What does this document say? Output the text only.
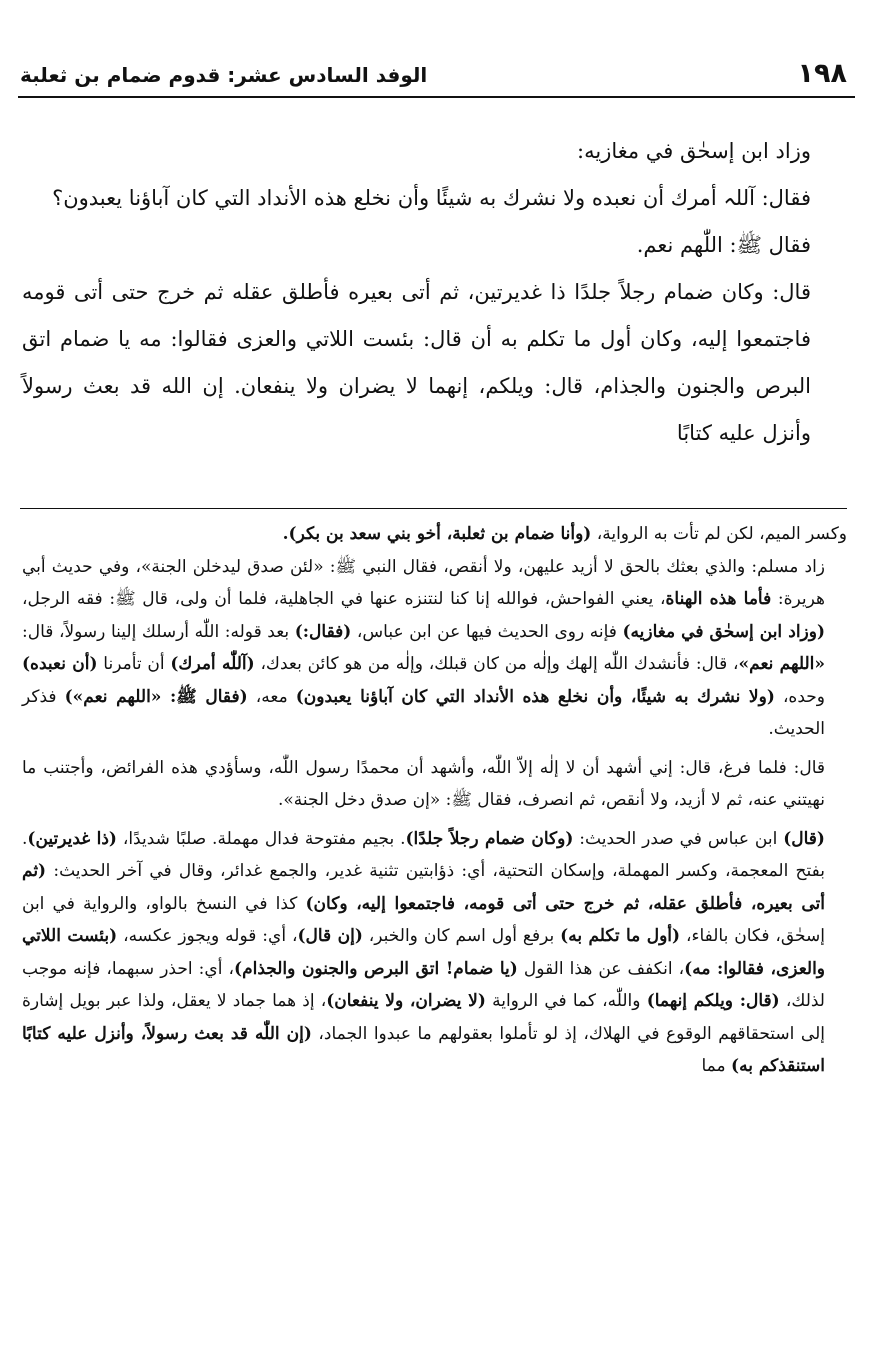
١٩٨
الوفد السادس عشر: قدوم ضمام بن ثعلبة

وزاد ابن إسحٰق في مغازيه:

فقال: آللہ أمرك أن نعبده ولا نشرك به شيئًا وأن نخلع هذه الأنداد التي كان آباؤنا يعبدون؟

فقال ﷺ: اللّٰهم نعم.

قال: وكان ضمام رجلاً جلدًا ذا غديرتين، ثم أتى بعيره فأطلق عقله ثم خرج حتى أتى قومه فاجتمعوا إليه، وكان أول ما تكلم به أن قال: بئست اللاتي والعزى فقالوا: مه يا ضمام اتق البرص والجنون والجذام، قال: ويلكم، إنهما لا يضران ولا ينفعان. إن الله قد بعث رسولاً وأنزل عليه كتابًا

وكسر الميم، لكن لم تأت به الرواية، (وأنا ضمام بن ثعلبة، أخو بني سعد بن بكر).

زاد مسلم: والذي بعثك بالحق لا أزيد عليهن، ولا أنقص، فقال النبي ﷺ: «لئن صدق ليدخلن الجنة»، وفي حديث أبي هريرة: فأما هذه الهناة، يعني الفواحش، فوالله إنا كنا لنتنزه عنها في الجاهلية، فلما أن ولى، قال ﷺ: فقه الرجل، (وزاد ابن إسحٰق في مغازيه) فإنه روى الحديث فيها عن ابن عباس، (فقال:) بعد قوله: اللّٰه أرسلك إلينا رسولاً، قال: «اللهم نعم»، قال: فأنشدك اللّٰه إلهك وإلٰه من كان قبلك، وإلٰه من هو كائن بعدك، (آللّٰه أمرك) أن تأمرنا (أن نعبده) وحده، (ولا نشرك به شيئًا، وأن نخلع هذه الأنداد التي كان آباؤنا يعبدون) معه، (فقال ﷺ: «اللهم نعم») فذكر الحديث.

قال: فلما فرغ، قال: إني أشهد أن لا إلٰه إلاّ اللّٰه، وأشهد أن محمدًا رسول اللّٰه، وسأؤدي هذه الفرائض، وأجتنب ما نهيتني عنه، ثم لا أزيد، ولا أنقص، ثم انصرف، فقال ﷺ: «إن صدق دخل الجنة».

(قال) ابن عباس في صدر الحديث: (وكان ضمام رجلاً جلدًا). بجيم مفتوحة فدال مهملة. صلبًا شديدًا، (ذا غديرتين). بفتح المعجمة، وكسر المهملة، وإسكان التحتية، أي: ذؤابتين تثنية غدير، والجمع غدائر، وقال في آخر الحديث: (ثم أتى بعيره، فأطلق عقله، ثم خرج حتى أتى قومه، فاجتمعوا إليه، وكان) كذا في النسخ بالواو، والرواية في ابن إسحٰق، فكان بالفاء، (أول ما تكلم به) برفع أول اسم كان والخبر، (إن قال)، أي: قوله ويجوز عكسه، (بئست اللاتي والعزى، فقالوا: مه)، انكفف عن هذا القول (يا ضمام! اتق البرص والجنون والجذام)، أي: احذر سبهما، فإنه موجب لذلك، (قال: ويلكم إنهما) واللّٰه، كما في الرواية (لا يضران، ولا ينفعان)، إذ هما جماد لا يعقل، ولذا عبر بويل إشارة إلى استحقاقهم الوقوع في الهلاك، إذ لو تأملوا بعقولهم ما عبدوا الجماد، (إن اللّٰه قد بعث رسولاً، وأنزل عليه كتابًا استنقذكم به) مما
